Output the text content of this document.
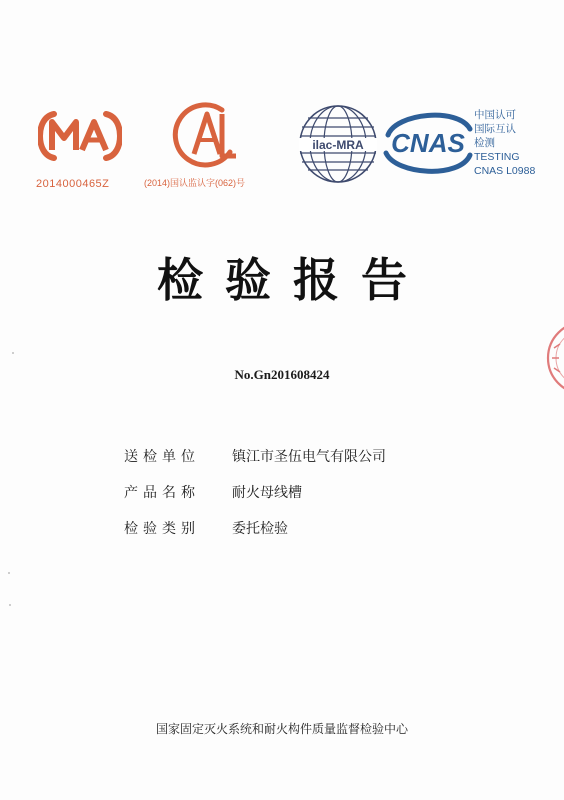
2014000465Z	(2014)国认监认字(062)号
ilac-MRA CNAS
中国认可
国际互认
检测
TESTING
CNAS L0988
检验报告
No.Gn201608424
送检单位	镇江市圣伍电气有限公司
产品名称	耐火母线槽
检验类别	委托检验
国家固定灭火系统和耐火构件质量监督检验中心
